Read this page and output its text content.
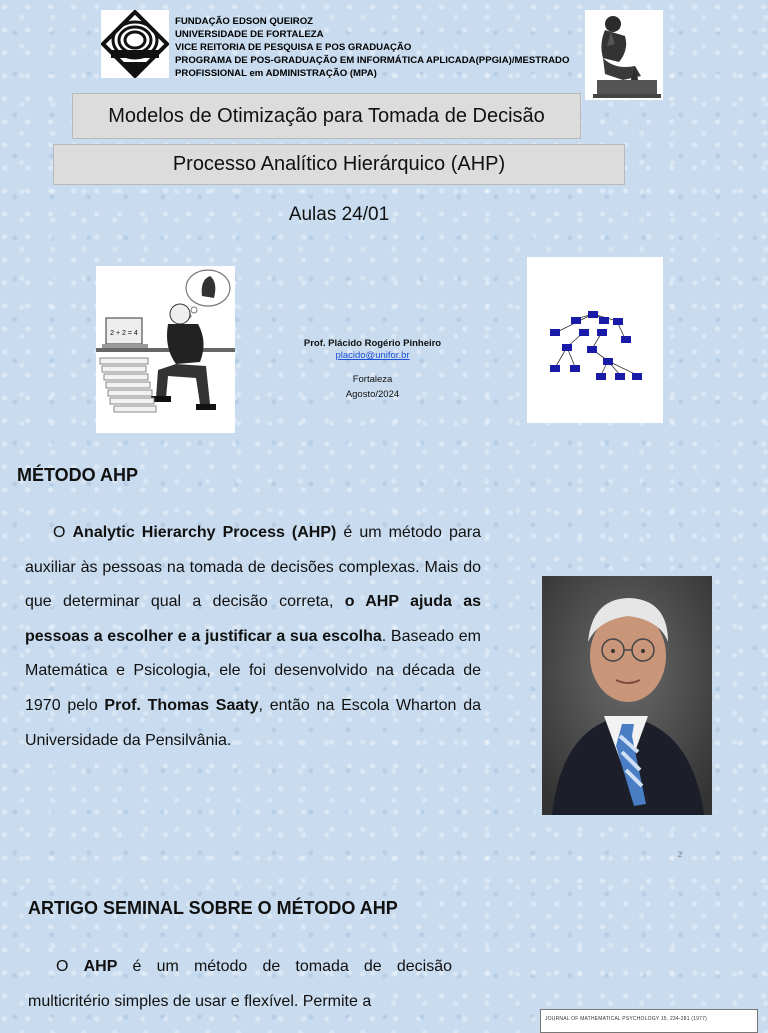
FUNDAÇÃO EDSON QUEIROZ
UNIVERSIDADE DE FORTALEZA
VICE REITORIA DE PESQUISA E POS GRADUAÇÃO
PROGRAMA DE POS-GRADUAÇÃO EM INFORMÁTICA APLICADA(PPGIA)/MESTRADO
PROFISSIONAL em ADMINISTRAÇÃO (MPA)
Modelos de Otimização para Tomada de Decisão
Processo Analítico Hierárquico (AHP)
Aulas 24/01
2 + 2 = 4
Prof. Plácido Rogério Pinheiro
placido@unifor.br
Fortaleza
Agosto/2024
MÉTODO AHP
O Analytic Hierarchy Process (AHP) é um método para auxiliar às pessoas na tomada de decisões complexas. Mais do que determinar qual a decisão correta, o AHP ajuda as pessoas a escolher e a justificar a sua escolha. Baseado em Matemática e Psicologia, ele foi desenvolvido na década de 1970 pelo Prof. Thomas Saaty, então na Escola Wharton da Universidade da Pensilvânia.
2
ARTIGO SEMINAL SOBRE O MÉTODO AHP
O AHP é um método de tomada de decisão multicritério simples de usar e flexível. Permite a
JOURNAL OF MATHEMATICAL PSYCHOLOGY 15, 234-281 (1977)
